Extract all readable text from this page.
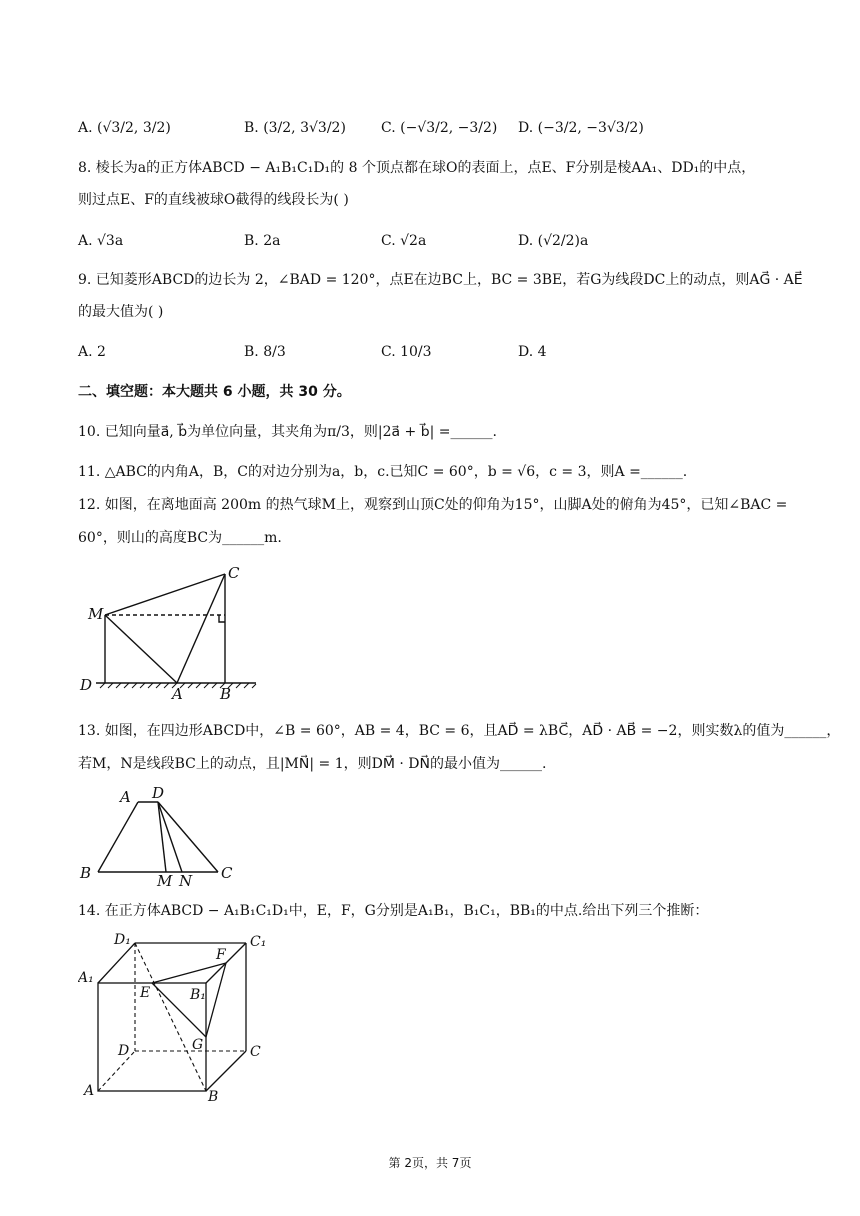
A. (√3/2, 3/2)	B. (3/2, 3√3/2)	C. (−√3/2, −3/2) D. (−3/2, −3√3/2)
8. 棱长为a的正方体ABCD − A₁B₁C₁D₁的 8 个顶点都在球O的表面上，点E、F分别是棱AA₁、DD₁的中点，
则过点E、F的直线被球O截得的线段长为( )
A. √3a	B. 2a	C. √2a	D. (√2/2)a
9. 已知菱形ABCD的边长为 2，∠BAD = 120°，点E在边BC上，BC = 3BE，若G为线段DC上的动点，则AG⃗ · AE⃗
的最大值为( )
A. 2	B. 8/3	C. 10/3	D. 4
二、填空题：本大题共 6 小题，共 30 分。
10. 已知向量a⃗, b⃗为单位向量，其夹角为π/3，则|2a⃗ + b⃗| =______.
11. △ABC的内角A，B，C的对边分别为a，b，c.已知C = 60°，b = √6，c = 3，则A =______.
12. 如图，在离地面高 200m 的热气球M上，观察到山顶C处的仰角为15°，山脚A处的俯角为45°，已知∠BAC =
60°，则山的高度BC为______m.
M
D	A B
C
13. 如图，在四边形ABCD中，∠B = 60°，AB = 4，BC = 6，且AD⃗ = λBC⃗，AD⃗ · AB⃗ = −2，则实数λ的值为______，
若M，N是线段BC上的动点，且|MN⃗| = 1，则DM⃗ · DN⃗的最小值为______.
A D
B	M N C
14. 在正方体ABCD − A₁B₁C₁D₁中，E，F，G分别是A₁B₁，B₁C₁，BB₁的中点.给出下列三个推断：
D₁	C₁
A₁
E
F
B₁
G
D	C
A	B
第 2页，共 7页
